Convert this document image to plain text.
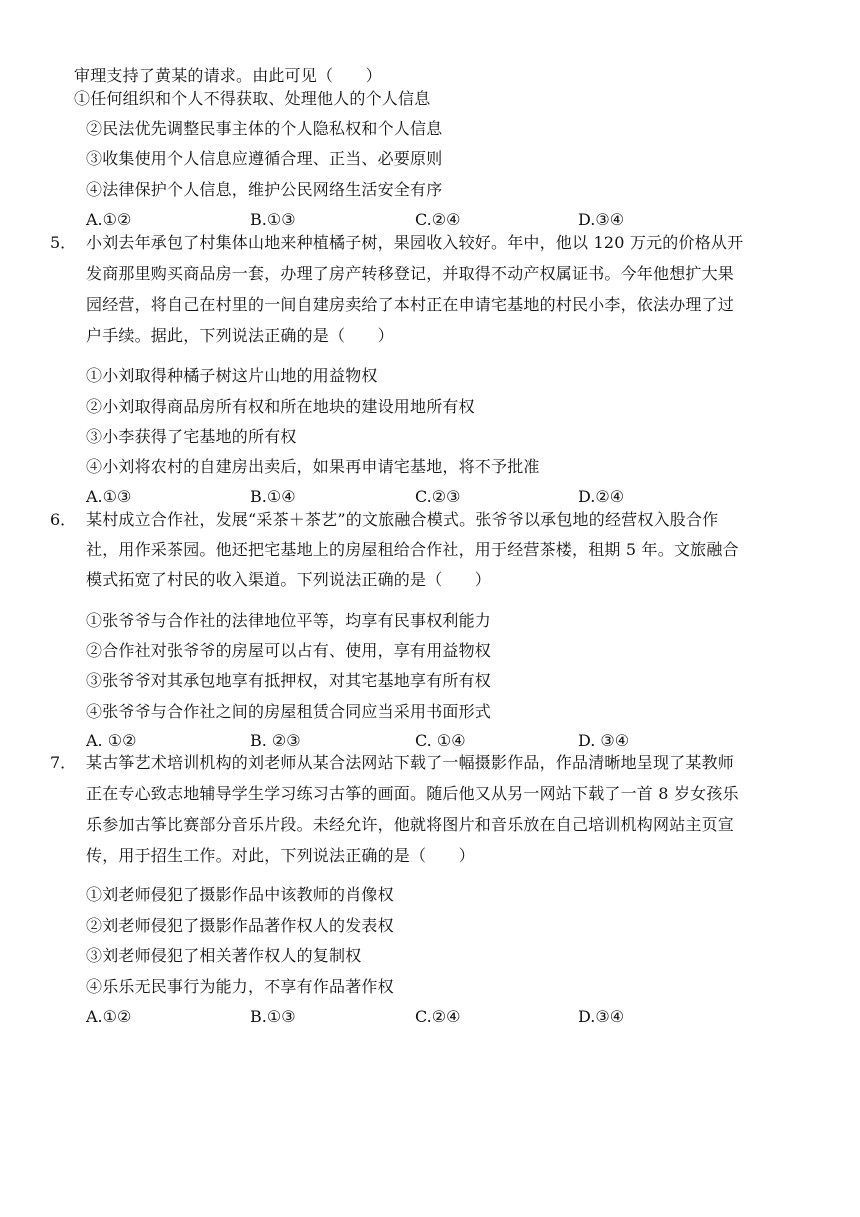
审理支持了黄某的请求。由此可见（　　）
①任何组织和个人不得获取、处理他人的个人信息
②民法优先调整民事主体的个人隐私权和个人信息
③收集使用个人信息应遵循合理、正当、必要原则
④法律保护个人信息，维护公民网络生活安全有序
A.①②	B.①③	C.②④	D.③④
5． 小刘去年承包了村集体山地来种植橘子树，果园收入较好。年中，他以 120 万元的价格从开
发商那里购买商品房一套，办理了房产转移登记，并取得不动产权属证书。今年他想扩大果
园经营，将自己在村里的一间自建房卖给了本村正在申请宅基地的村民小李，依法办理了过
户手续。据此，下列说法正确的是（　　）
①小刘取得种橘子树这片山地的用益物权
②小刘取得商品房所有权和所在地块的建设用地所有权
③小李获得了宅基地的所有权
④小刘将农村的自建房出卖后，如果再申请宅基地，将不予批准
A.①③	B.①④	C.②③	D.②④
6． 某村成立合作社，发展“采茶＋茶艺”的文旅融合模式。张爷爷以承包地的经营权入股合作
社，用作采茶园。他还把宅基地上的房屋租给合作社，用于经营茶楼，租期 5 年。文旅融合
模式拓宽了村民的收入渠道。下列说法正确的是（　　）
①张爷爷与合作社的法律地位平等，均享有民事权利能力
②合作社对张爷爷的房屋可以占有、使用，享有用益物权
③张爷爷对其承包地享有抵押权，对其宅基地享有所有权
④张爷爷与合作社之间的房屋租赁合同应当采用书面形式
A. ①②	B. ②③	C. ①④	D. ③④
7． 某古筝艺术培训机构的刘老师从某合法网站下载了一幅摄影作品，作品清晰地呈现了某教师
正在专心致志地辅导学生学习练习古筝的画面。随后他又从另一网站下载了一首 8 岁女孩乐
乐参加古筝比赛部分音乐片段。未经允许，他就将图片和音乐放在自己培训机构网站主页宣
传，用于招生工作。对此，下列说法正确的是（　　）
①刘老师侵犯了摄影作品中该教师的肖像权
②刘老师侵犯了摄影作品著作权人的发表权
③刘老师侵犯了相关著作权人的复制权
④乐乐无民事行为能力，不享有作品著作权
A.①②	B.①③	C.②④	D.③④
